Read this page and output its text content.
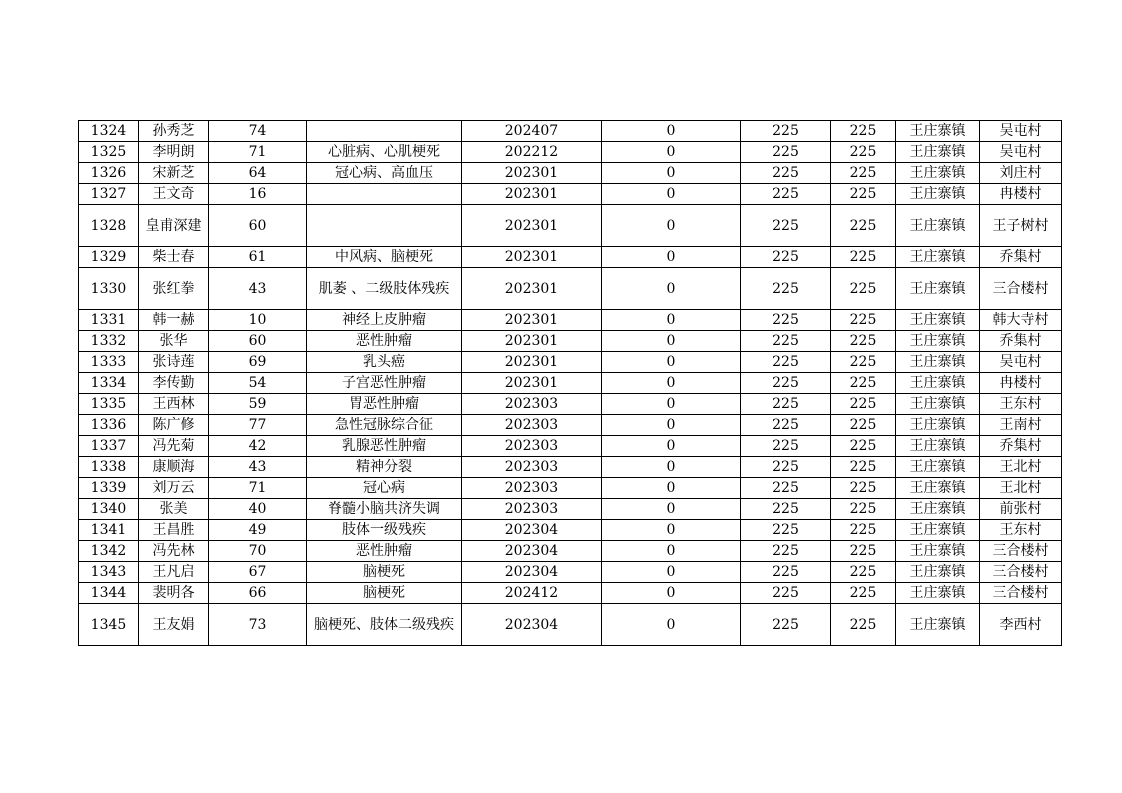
1324	孙秀芝	74		202407	0	225	225	王庄寨镇	吴屯村
1325	李明朗	71	心脏病、心肌梗死	202212	0	225	225	王庄寨镇	吴屯村
1326	宋新芝	64	冠心病、高血压	202301	0	225	225	王庄寨镇	刘庄村
1327	王文奇	16		202301	0	225	225	王庄寨镇	冉楼村
1328	皇甫深建	60		202301	0	225	225	王庄寨镇	王子树村
1329	柴士春	61	中风病、脑梗死	202301	0	225	225	王庄寨镇	乔集村
1330	张红拳	43	肌萎 、二级肢体残疾	202301	0	225	225	王庄寨镇	三合楼村
1331	韩一赫	10	神经上皮肿瘤	202301	0	225	225	王庄寨镇	韩大寺村
1332	张华	60	恶性肿瘤	202301	0	225	225	王庄寨镇	乔集村
1333	张诗莲	69	乳头癌	202301	0	225	225	王庄寨镇	吴屯村
1334	李传勤	54	子宫恶性肿瘤	202301	0	225	225	王庄寨镇	冉楼村
1335	王西林	59	胃恶性肿瘤	202303	0	225	225	王庄寨镇	王东村
1336	陈广修	77	急性冠脉综合征	202303	0	225	225	王庄寨镇	王南村
1337	冯先菊	42	乳腺恶性肿瘤	202303	0	225	225	王庄寨镇	乔集村
1338	康顺海	43	精神分裂	202303	0	225	225	王庄寨镇	王北村
1339	刘万云	71	冠心病	202303	0	225	225	王庄寨镇	王北村
1340	张美	40	脊髓小脑共济失调	202303	0	225	225	王庄寨镇	前张村
1341	王昌胜	49	肢体一级残疾	202304	0	225	225	王庄寨镇	王东村
1342	冯先林	70	恶性肿瘤	202304	0	225	225	王庄寨镇	三合楼村
1343	王凡启	67	脑梗死	202304	0	225	225	王庄寨镇	三合楼村
1344	裴明各	66	脑梗死	202412	0	225	225	王庄寨镇	三合楼村
1345	王友娟	73	脑梗死、肢体二级残疾	202304	0	225	225	王庄寨镇	李西村
